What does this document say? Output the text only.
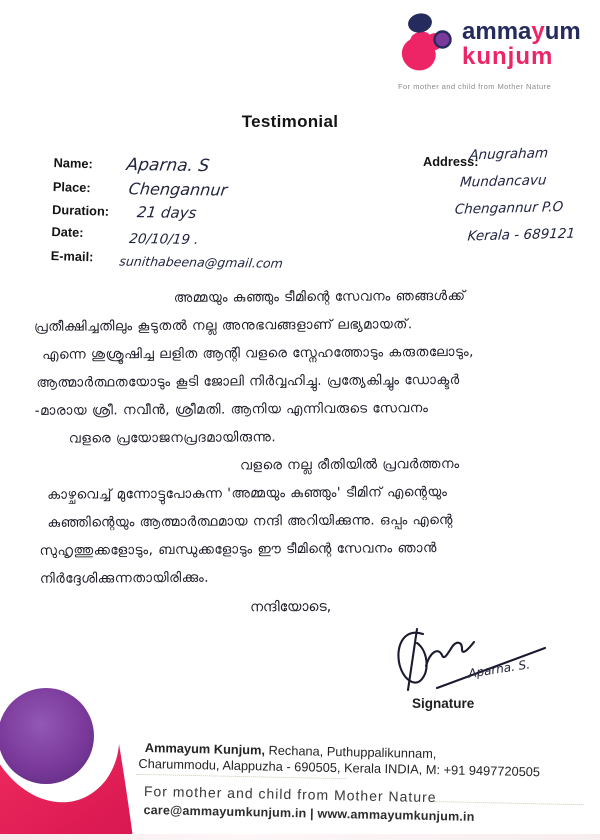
ammayum
kunjum
For mother and child from Mother Nature
Testimonial
Name: Aparna. S
Place: Chengannur
Duration: 21 days
Date:	20/10/19 .
E-mail: sunithabeena@gmail.com
Address:
Anugraham
Mundancavu
Chengannur P.O
Kerala - 689121
അമ്മയും കുഞ്ഞും ടീമിന്റെ സേവനം ഞങ്ങൾക്ക്
പ്രതീക്ഷിച്ചതിലും കൂടുതൽ നല്ല അനുഭവങ്ങളാണ് ലഭ്യമായത്.
എന്നെ ശുശ്രൂഷിച്ച ലളിത ആന്റി വളരെ സ്നേഹത്തോടും കരുതലോടും,
ആത്മാർത്ഥതയോടും കൂടി ജോലി നിർവ്വഹിച്ചു. പ്രത്യേകിച്ചും ഡോക്ടർ
-മാരായ ശ്രീ. നവീൻ, ശ്രീമതി. ആനിയ എന്നിവരുടെ സേവനം
വളരെ പ്രയോജനപ്രദമായിരുന്നു.
വളരെ നല്ല രീതിയിൽ പ്രവർത്തനം
കാഴ്ചവെച്ച് മുന്നോട്ടുപോകുന്ന 'അമ്മയും കുഞ്ഞും' ടീമിന് എന്റെയും
കുഞ്ഞിന്റെയും ആത്മാർത്ഥമായ നന്ദി അറിയിക്കുന്നു. ഒപ്പം എന്റെ
സുഹൃത്തുക്കളോടും, ബന്ധുക്കളോടും ഈ ടീമിന്റെ സേവനം ഞാൻ
നിർദ്ദേശിക്കുന്നതായിരിക്കും.
നന്ദിയോടെ,
Aparna. S.
Signature
Ammayum Kunjum, Rechana, Puthuppalikunnam,
Charummodu, Alappuzha - 690505, Kerala INDIA, M: +91 9497720505
For mother and child from Mother Nature
care@ammayumkunjum.in | www.ammayumkunjum.in
